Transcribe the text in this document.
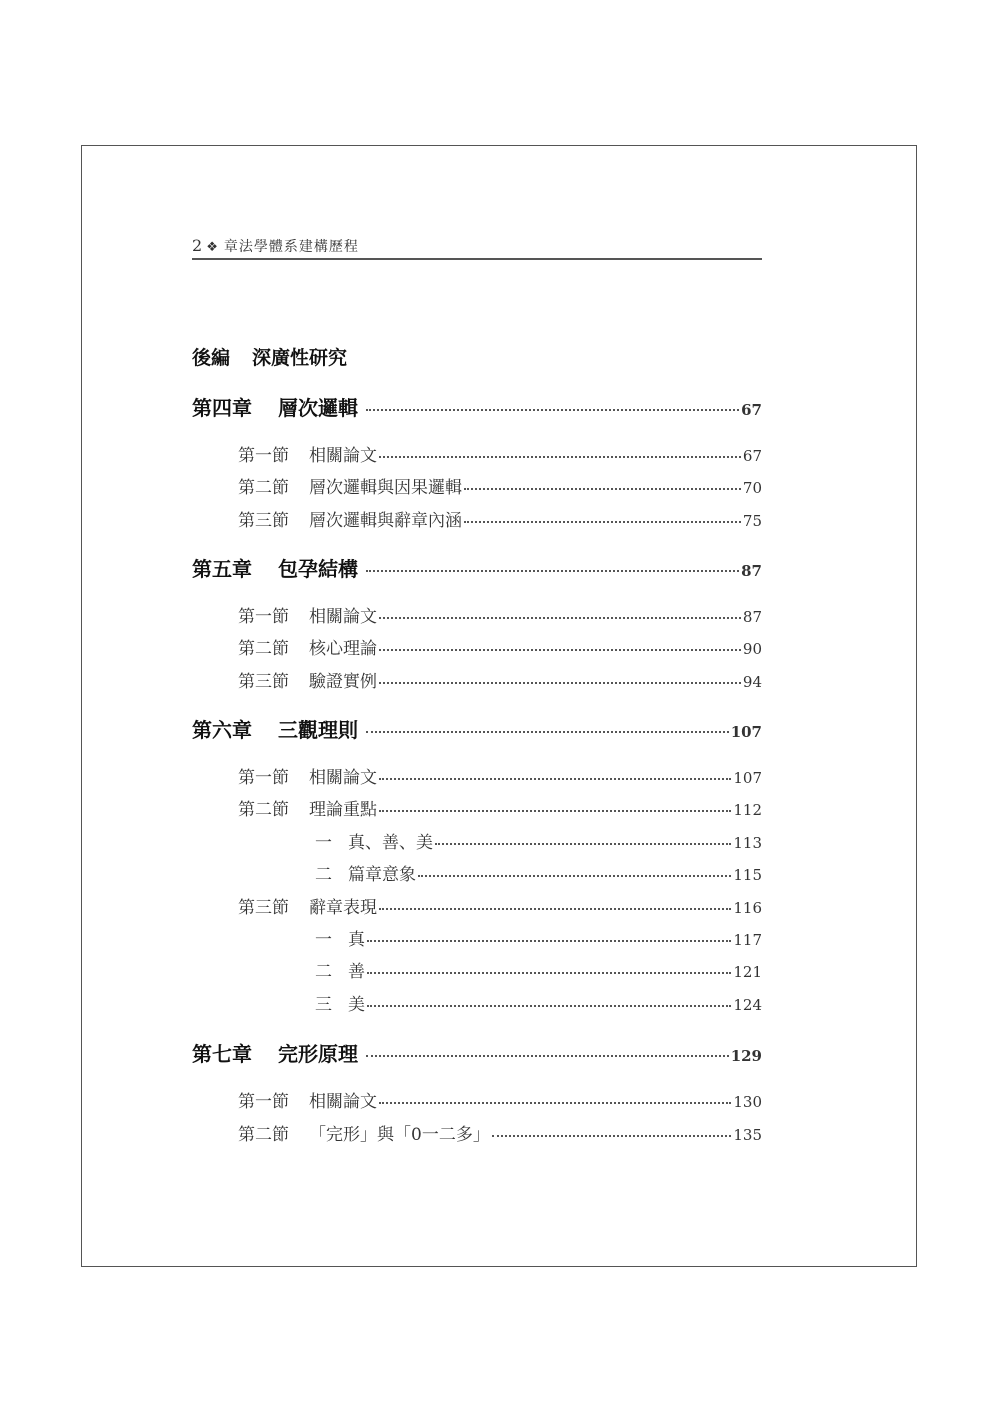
2 ❖ 章法學體系建構歷程
後編 深廣性研究
第四章 層次邏輯	67
第一節 相關論文	67
第二節 層次邏輯與因果邏輯	70
第三節 層次邏輯與辭章內涵	75
第五章 包孕結構	87
第一節 相關論文	87
第二節 核心理論	90
第三節 驗證實例	94
第六章 三觀理則	107
第一節 相關論文	107
第二節 理論重點	112
一 真、善、美	113
二 篇章意象	115
第三節 辭章表現	116
一 真	117
二 善	121
三 美	124
第七章 完形原理	129
第一節 相關論文	130
第二節 「完形」與「0一二多」	135
